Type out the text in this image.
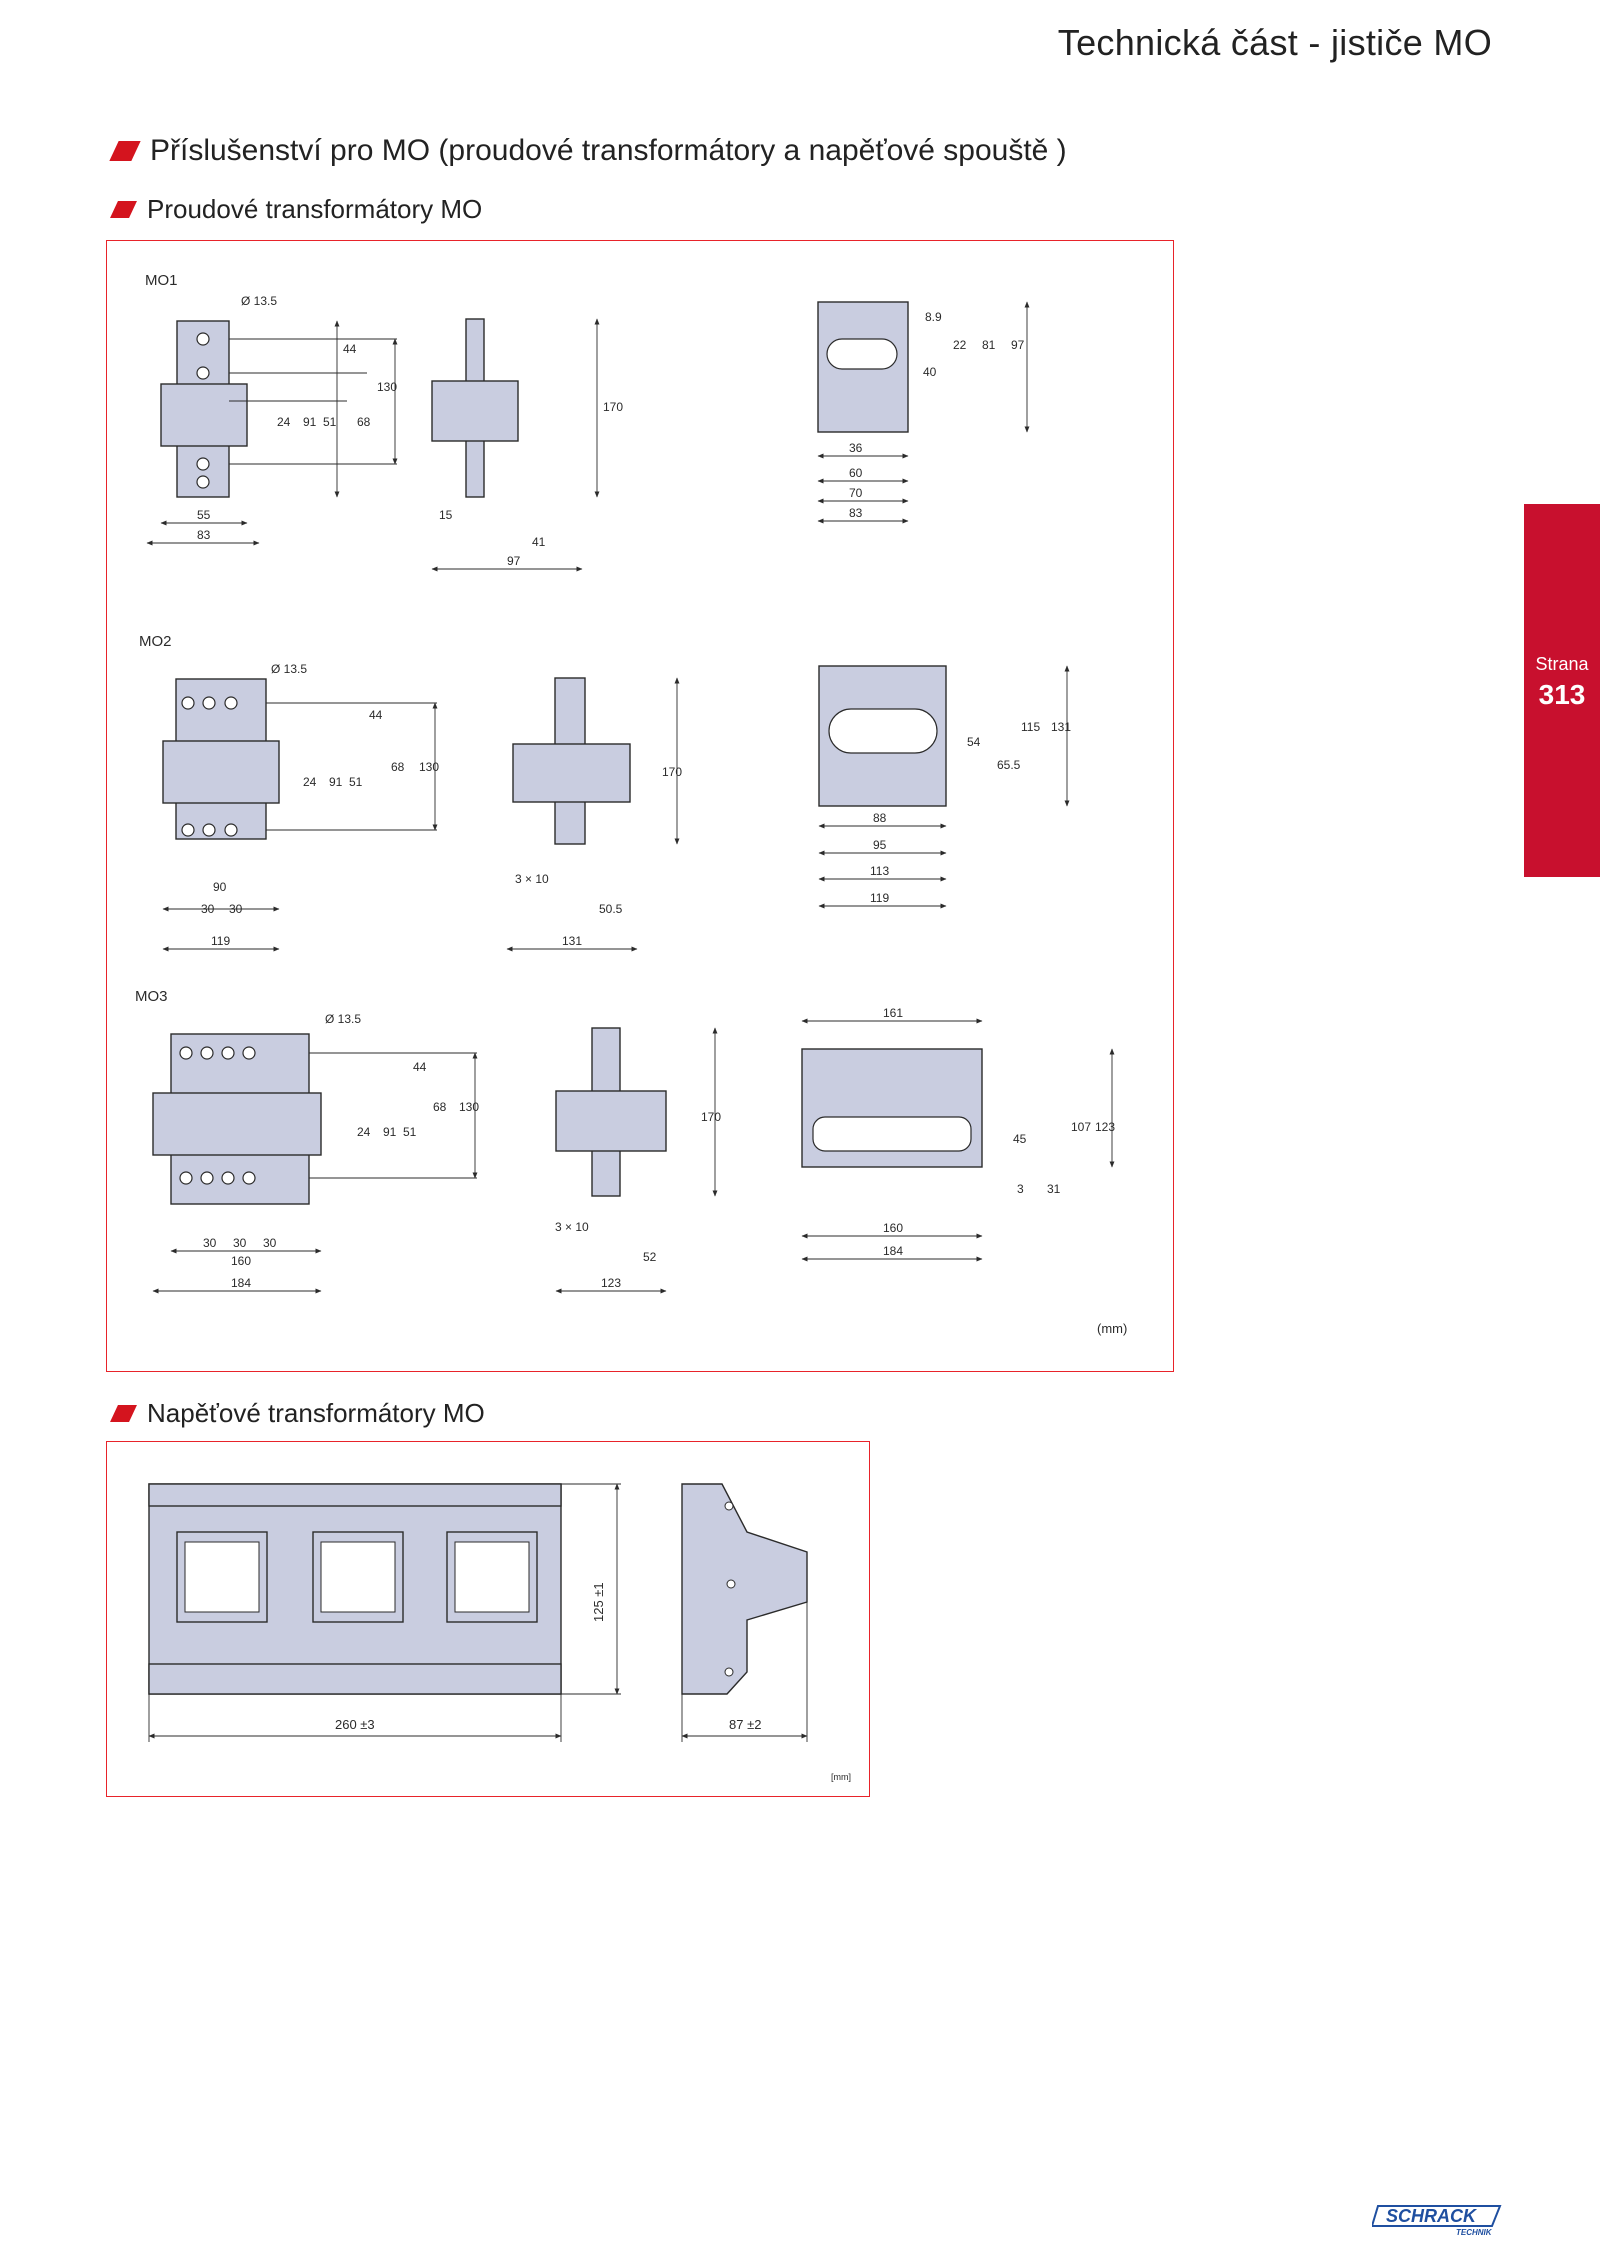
Technická část - jističe MO
Příslušenství pro MO (proudové transformátory a napěťové spouště )
Proudové transformátory MO
MO1
Ø 13.5
44
24 91 51 68
130
55
83
170
15
41
97
8.9
22
40
81 97
36
60
70
83
MO2
Ø 13.5
44
24 91 51
68 130
90
30 30
119
170
3 × 10
50.5
131
54
65.5
115 131
88
95
113
119
MO3
Ø 13.5
44
24 91 51
68 130
30 30 30
160
184
170
3 × 10
52
123
161
45
107 123
3 31
160
184
(mm)
Napěťové transformátory MO
125 ±1
260 ±3	87 ±2
[mm]
Strana
313
SCHRACK
TECHNIK
